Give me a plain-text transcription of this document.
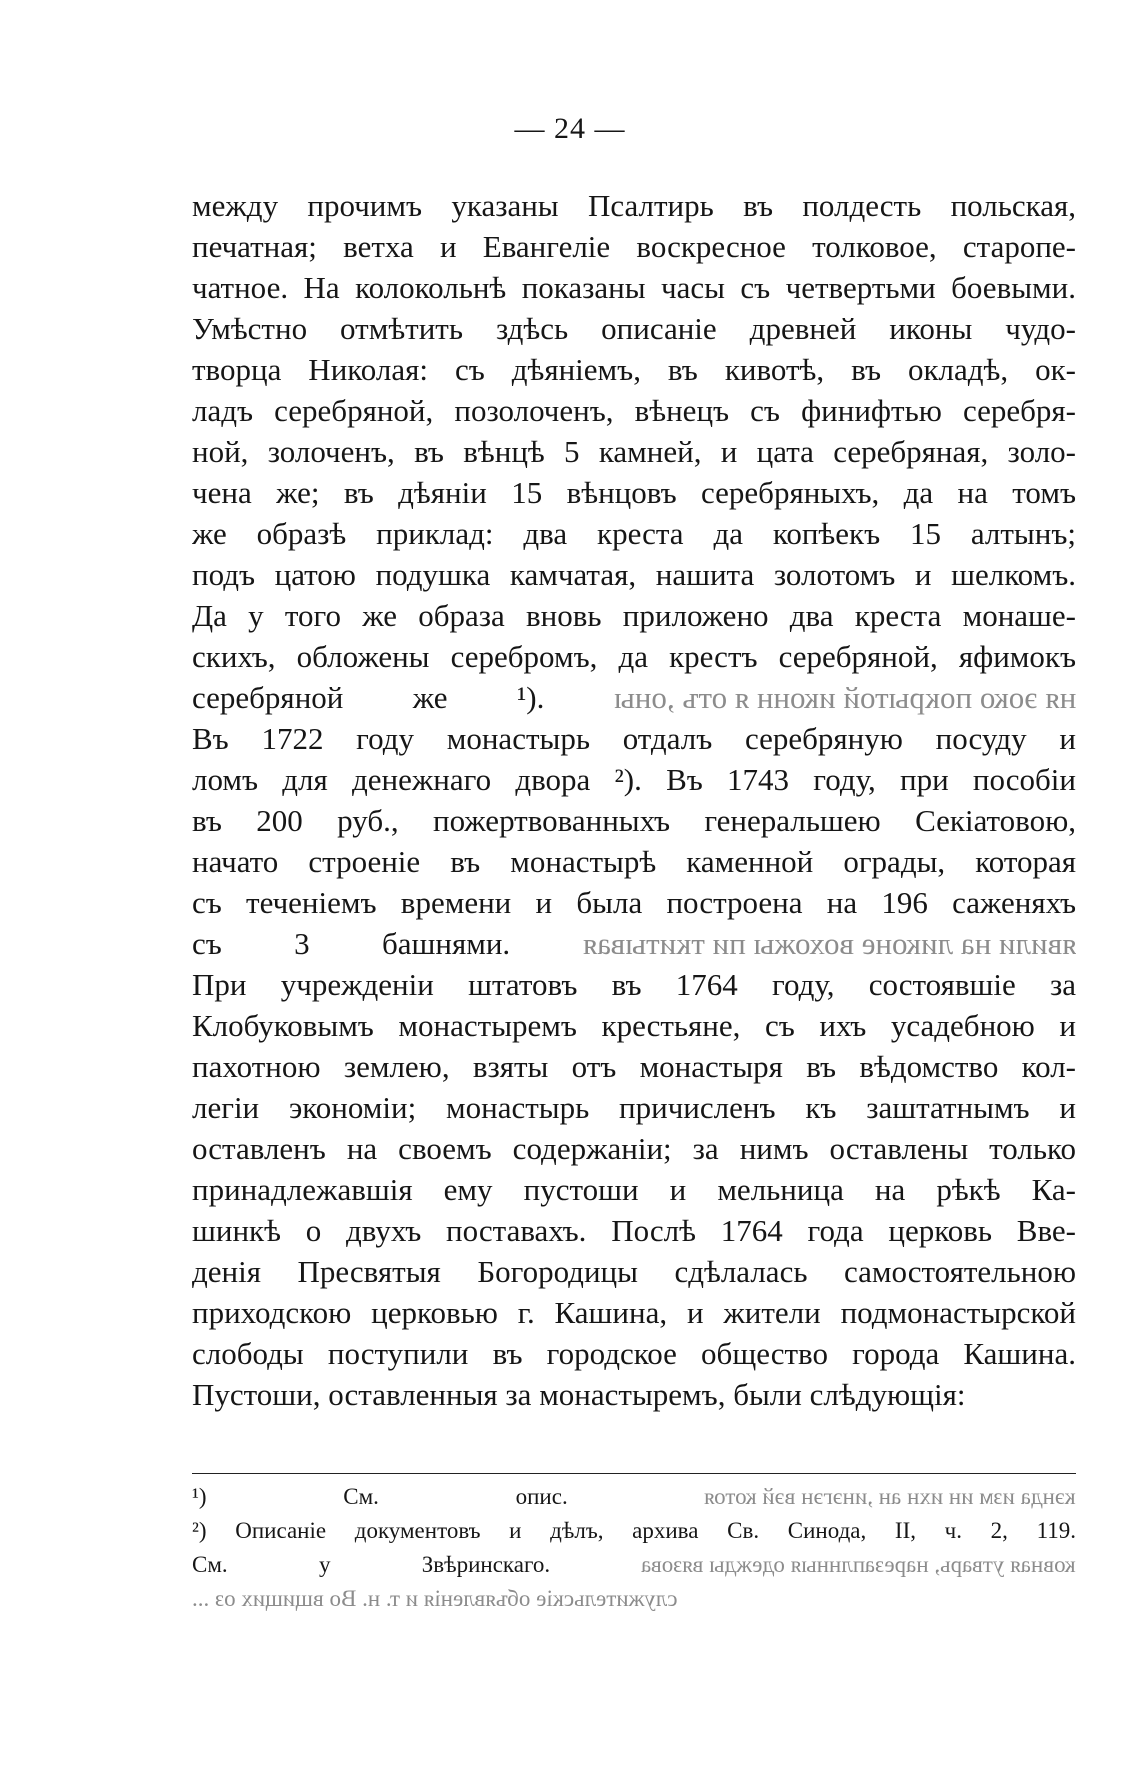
— 24 —
между прочимъ указаны Псалтирь въ полдесть польская,
печатная; ветха и Евангеліе воскресное толковое, старопе-
чатное. На колокольнѣ показаны часы съ четвертьми боевыми.
Умѣстно отмѣтить здѣсь описаніе древней иконы чудо-
творца Николая: съ дѣяніемъ, въ кивотѣ, въ окладѣ, ок-
ладъ серебряной, позолоченъ, вѣнецъ съ финифтью серебря-
ной, золоченъ, въ вѣнцѣ 5 камней, и цата серебряная, золо-
чена же; въ дѣяніи 15 вѣнцовъ серебряныхъ, да на томъ
же образѣ приклад: два креста да копѣекъ 15 алтынъ;
подъ цатою подушка камчатая, нашита золотомъ и шелкомъ.
Да у того же образа вновь приложено два креста монаше-
скихъ, обложены серебромъ, да крестъ серебряной, яфимокъ
серебряной же ¹). ня эоко покрытой иконн я отъ ,оны
Въ 1722 году монастырь отдалъ серебряную посуду и
ломъ для денежнаго двора ²). Въ 1743 году, при пособіи
въ 200 руб., пожертвованныхъ генеральшею Секіатовою,
начато строеніе въ монастырѣ каменной ограды, которая
съ теченіемъ времени и была построена на 196 саженяхъ
съ 3 башнями. явили на ликоне вохожы пи ткитывая
При учрежденіи штатовъ въ 1764 году, состоявшіе за
Клобуковымъ монастыремъ крестьяне, съ ихъ усадебною и
пахотною землею, взяты отъ монастыря въ вѣдомство кол-
легіи экономіи; монастырь причисленъ къ заштатнымъ и
оставленъ на своемъ содержаніи; за нимъ оставлены только
принадлежавшія ему пустоши и мельница на рѣкѣ Ка-
шинкѣ о двухъ поставахъ. Послѣ 1764 года церковь Вве-
денія Пресвятыя Богородицы сдѣлалась самостоятельною
приходскою церковью г. Кашина, и жители подмонастырской
слободы поступили въ городское общество города Кашина.
Пустоши, оставленныя за монастыремъ, были слѣдующія:
¹) См. опис.	кэнда изм ин ихн ан ,инэгэн вэй котоя
²) Описаніе документовъ и дѣлъ, архива Св. Синода, II, ч. 2, 119.
См. у Звѣринскаго.	ковная утварь, нарезаплнныя одежды вязова
служительскіе объявленія и т. н. Во вщищих оз ...
